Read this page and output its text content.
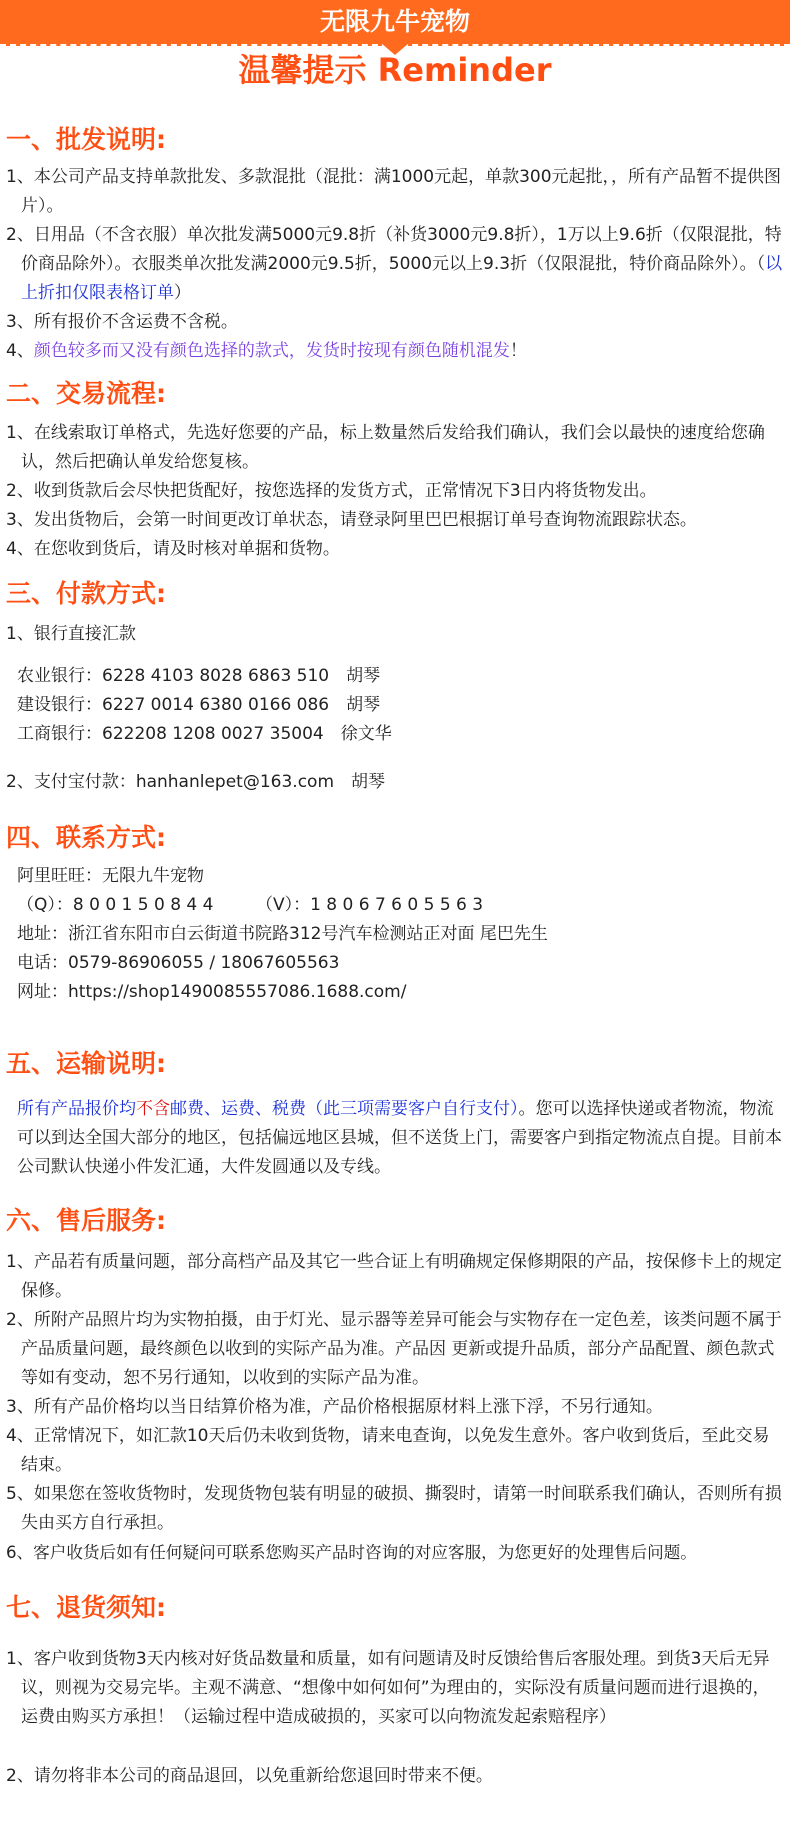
无限九牛宠物
温馨提示 Reminder
一、批发说明:

1、本公司产品支持单款批发、多款混批（混批：满1000元起，单款300元起批，，所有产品暂不提供图片）。

2、日用品（不含衣服）单次批发满5000元9.8折（补货3000元9.8折），1万以上9.6折（仅限混批，特价商品除外）。衣服类单次批发满2000元9.5折，5000元以上9.3折（仅限混批，特价商品除外）。（以上折扣仅限表格订单）

3、所有报价不含运费不含税。

4、颜色较多而又没有颜色选择的款式，发货时按现有颜色随机混发！

二、交易流程:

1、在线索取订单格式，先选好您要的产品，标上数量然后发给我们确认，我们会以最快的速度给您确认，然后把确认单发给您复核。

2、收到货款后会尽快把货配好，按您选择的发货方式，正常情况下3日内将货物发出。

3、发出货物后，会第一时间更改订单状态，请登录阿里巴巴根据订单号查询物流跟踪状态。

4、在您收到货后，请及时核对单据和货物。

三、付款方式:

1、银行直接汇款

农业银行：6228 4103 8028 6863 510　胡琴

建设银行：6227 0014 6380 0166 086　胡琴

工商银行：622208 1208 0027 35004　徐文华

2、支付宝付款：hanhanlepet@163.com　胡琴

四、联系方式:

阿里旺旺：无限九牛宠物

（Q）：8 0 0 1 5 0 8 4 4　　　（V）：1 8 0 6 7 6 0 5 5 6 3

地址：浙江省东阳市白云街道书院路312号汽车检测站正对面 尾巴先生

电话：0579-86906055 / 18067605563

网址：https://shop1490085557086.1688.com/

五、运输说明:

所有产品报价均不含邮费、运费、税费（此三项需要客户自行支付）。您可以选择快递或者物流，物流可以到达全国大部分的地区，包括偏远地区县城，但不送货上门，需要客户到指定物流点自提。目前本公司默认快递小件发汇通，大件发圆通以及专线。

六、售后服务:

1、产品若有质量问题，部分高档产品及其它一些合证上有明确规定保修期限的产品，按保修卡上的规定保修。

2、所附产品照片均为实物拍摄，由于灯光、显示器等差异可能会与实物存在一定色差，该类问题不属于产品质量问题，最终颜色以收到的实际产品为准。产品因 更新或提升品质，部分产品配置、颜色款式等如有变动，恕不另行通知，以收到的实际产品为准。

3、所有产品价格均以当日结算价格为准，产品价格根据原材料上涨下浮，不另行通知。

4、正常情况下，如汇款10天后仍未收到货物，请来电查询，以免发生意外。客户收到货后，至此交易结束。

5、如果您在签收货物时，发现货物包装有明显的破损、撕裂时，请第一时间联系我们确认，否则所有损失由买方自行承担。

6、客户收货后如有任何疑问可联系您购买产品时咨询的对应客服，为您更好的处理售后问题。

七、退货须知:

1、客户收到货物3天内核对好货品数量和质量，如有问题请及时反馈给售后客服处理。到货3天后无异议，则视为交易完毕。主观不满意、“想像中如何如何”为理由的，实际没有质量问题而进行退换的，运费由购买方承担！（运输过程中造成破损的，买家可以向物流发起索赔程序）

2、请勿将非本公司的商品退回，以免重新给您退回时带来不便。
